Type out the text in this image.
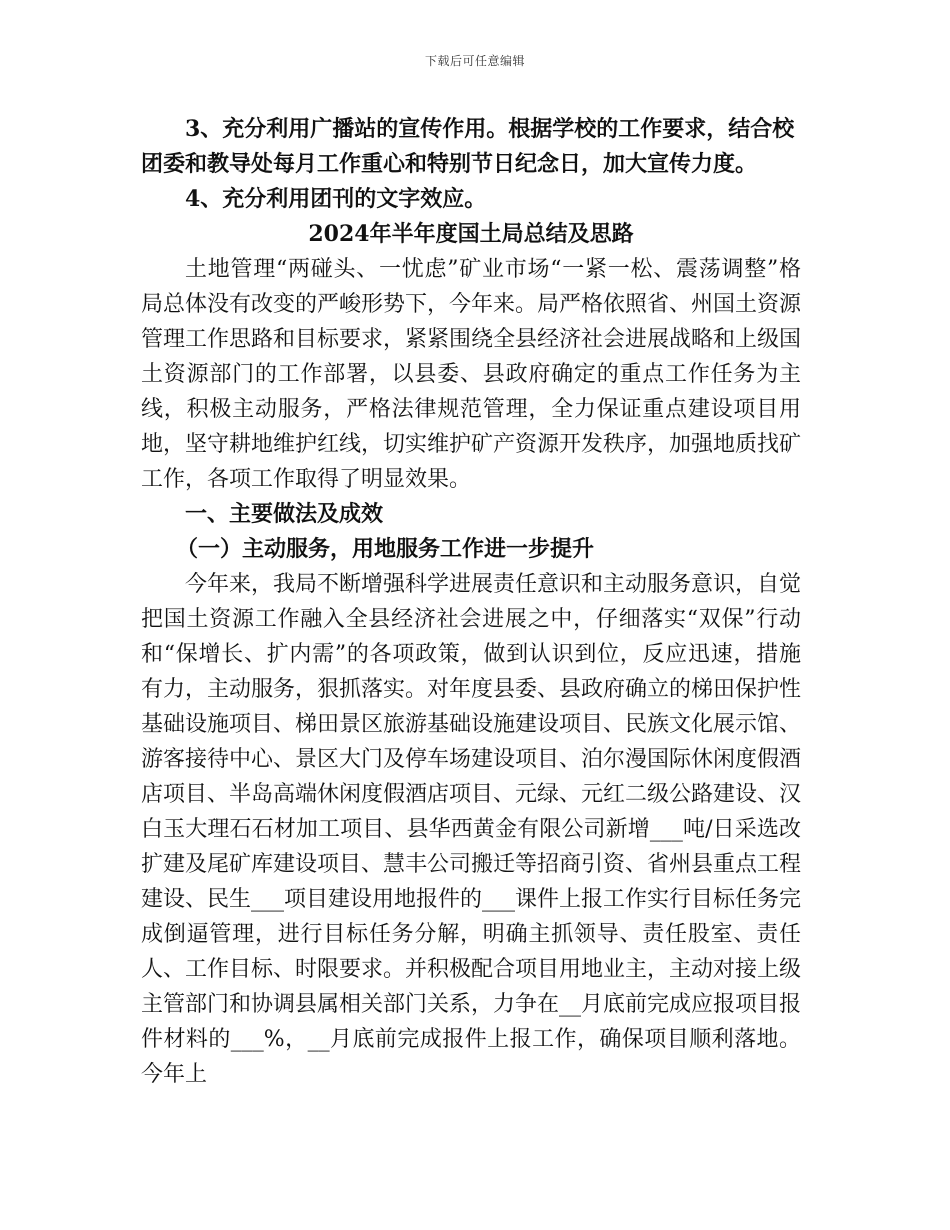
下载后可任意编辑

3、充分利用广播站的宣传作用。根据学校的工作要求，结合校团委和教导处每月工作重心和特别节日纪念日，加大宣传力度。

4、充分利用团刊的文字效应。

2024年半年度国土局总结及思路

土地管理“两碰头、一忧虑”矿业市场“一紧一松、震荡调整”格局总体没有改变的严峻形势下，今年来。局严格依照省、州国土资源管理工作思路和目标要求，紧紧围绕全县经济社会进展战略和上级国土资源部门的工作部署，以县委、县政府确定的重点工作任务为主线，积极主动服务，严格法律规范管理，全力保证重点建设项目用地，坚守耕地维护红线，切实维护矿产资源开发秩序，加强地质找矿工作，各项工作取得了明显效果。

一、主要做法及成效

（一）主动服务，用地服务工作进一步提升

今年来，我局不断增强科学进展责任意识和主动服务意识，自觉把国土资源工作融入全县经济社会进展之中，仔细落实“双保”行动和“保增长、扩内需”的各项政策，做到认识到位，反应迅速，措施有力，主动服务，狠抓落实。对年度县委、县政府确立的梯田保护性基础设施项目、梯田景区旅游基础设施建设项目、民族文化展示馆、游客接待中心、景区大门及停车场建设项目、泊尔漫国际休闲度假酒店项目、半岛高端休闲度假酒店项目、元绿、元红二级公路建设、汉白玉大理石石材加工项目、县华西黄金有限公司新增___吨/日采选改扩建及尾矿库建设项目、慧丰公司搬迁等招商引资、省州县重点工程建设、民生___项目建设用地报件的___课件上报工作实行目标任务完成倒逼管理，进行目标任务分解，明确主抓领导、责任股室、责任人、工作目标、时限要求。并积极配合项目用地业主，主动对接上级主管部门和协调县属相关部门关系，力争在__月底前完成应报项目报件材料的___%，__月底前完成报件上报工作，确保项目顺利落地。今年上
